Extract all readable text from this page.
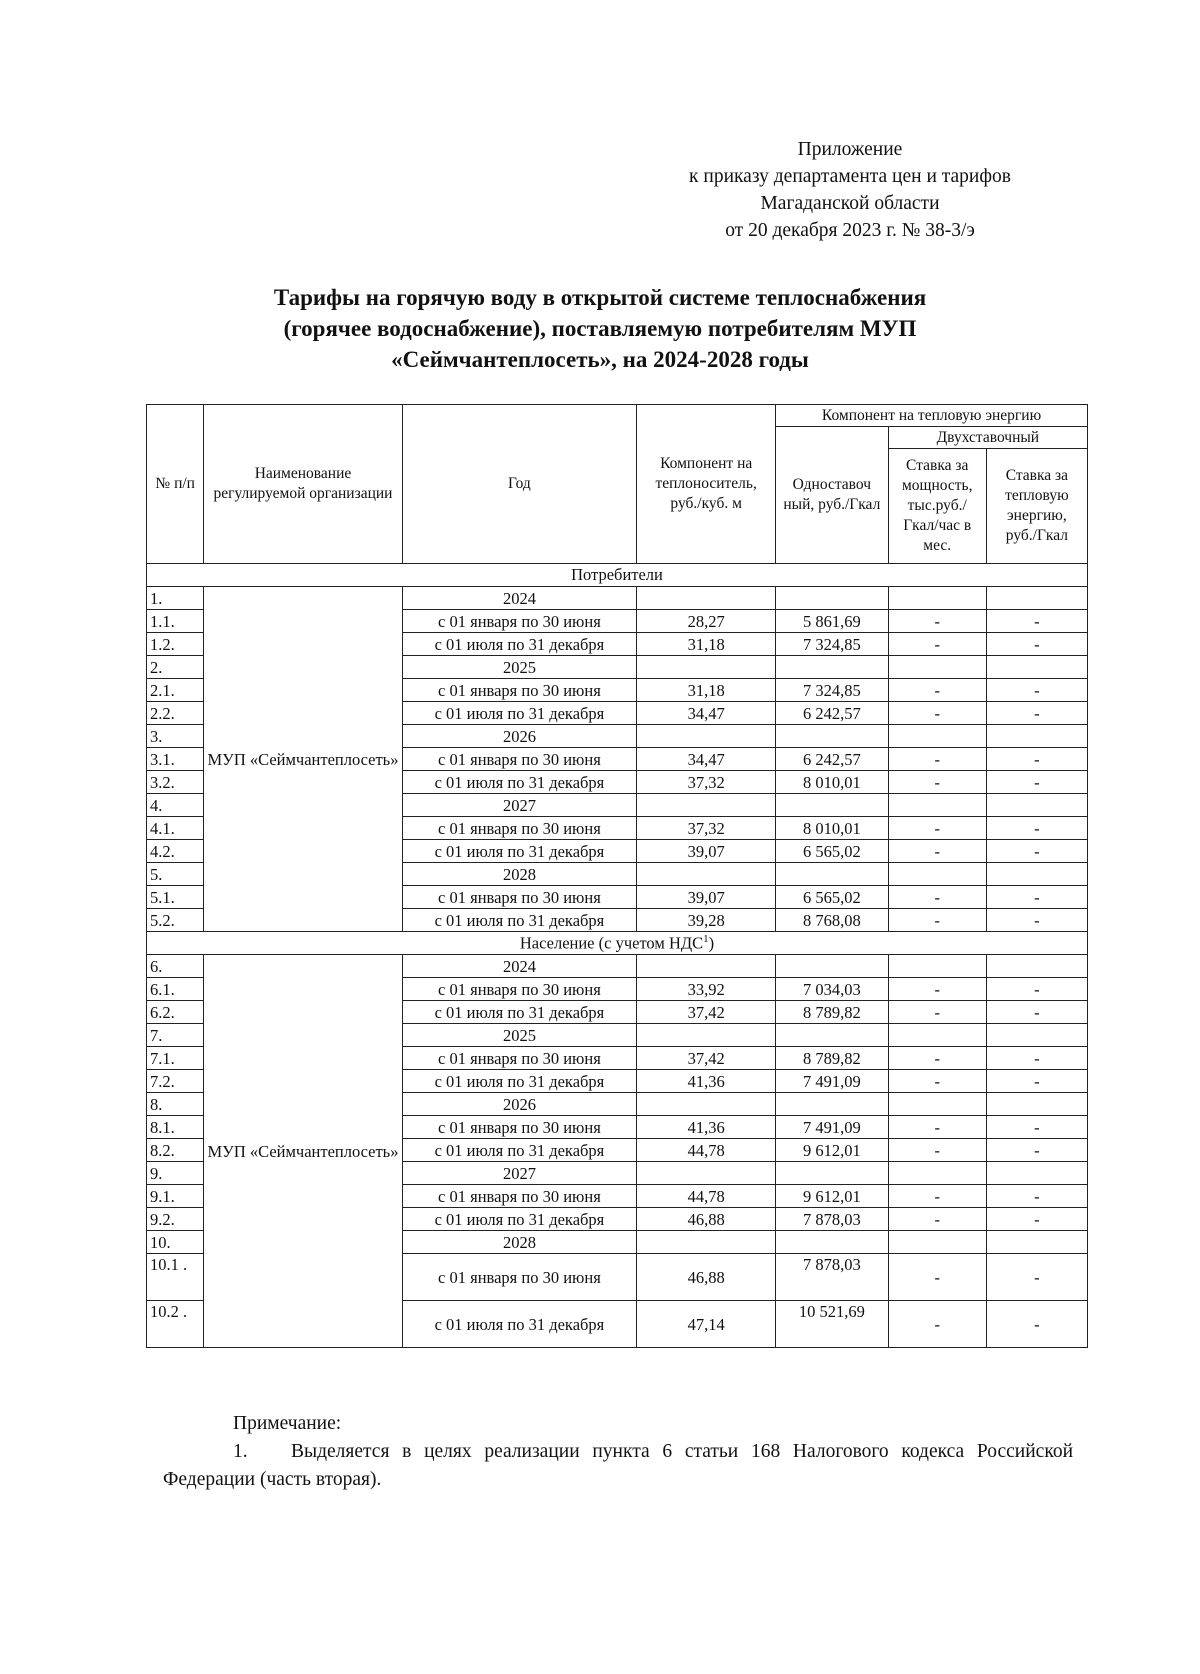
Приложение
к приказу департамента цен и тарифов
Магаданской области
от 20 декабря 2023 г. № 38-3/э
Тарифы на горячую воду в открытой системе теплоснабжения
(горячее водоснабжение), поставляемую потребителям МУП
«Сеймчантеплосеть», на 2024-2028 годы
№ п/п	Наименование регулируемой организации	Год	Компонент на теплоноситель, руб./куб. м	Компонент на тепловую энергию		
				Одноставоч ный, руб./Гкал	Двухставочный	
					Ставка за мощность, тыс.руб./ Гкал/час в мес.	Ставка за тепловую энергию, руб./Гкал
Потребители						
1.	МУП «Сеймчантеплосеть»	2024				
1.1.		с 01 января по 30 июня	28,27	5 861,69	-	-
1.2.		с 01 июля по 31 декабря	31,18	7 324,85	-	-
2.		2025				
2.1.		с 01 января по 30 июня	31,18	7 324,85	-	-
2.2.		с 01 июля по 31 декабря	34,47	6 242,57	-	-
3.		2026				
3.1.		с 01 января по 30 июня	34,47	6 242,57	-	-
3.2.		с 01 июля по 31 декабря	37,32	8 010,01	-	-
4.		2027				
4.1.		с 01 января по 30 июня	37,32	8 010,01	-	-
4.2.		с 01 июля по 31 декабря	39,07	6 565,02	-	-
5.		2028				
5.1.		с 01 января по 30 июня	39,07	6 565,02	-	-
5.2.		с 01 июля по 31 декабря	39,28	8 768,08	-	-
Население (с учетом НДС$^1$)						
6.	МУП «Сеймчантеплосеть»	2024				
6.1.		с 01 января по 30 июня	33,92	7 034,03	-	-
6.2.		с 01 июля по 31 декабря	37,42	8 789,82	-	-
7.		2025				
7.1.		с 01 января по 30 июня	37,42	8 789,82	-	-
7.2.		с 01 июля по 31 декабря	41,36	7 491,09	-	-
8.		2026				
8.1.		с 01 января по 30 июня	41,36	7 491,09	-	-
8.2.		с 01 июля по 31 декабря	44,78	9 612,01	-	-
9.		2027				
9.1.		с 01 января по 30 июня	44,78	9 612,01	-	-
9.2.		с 01 июля по 31 декабря	46,88	7 878,03	-	-
10.		2028				
10.1 .		с 01 января по 30 июня	46,88	7 878,03	-	-
10.2 .		с 01 июля по 31 декабря	47,14	10 521,69	-	-
Примечание:
1. Выделяется в целях реализации пункта 6 статьи 168 Налогового кодекса Российской Федерации (часть вторая).
